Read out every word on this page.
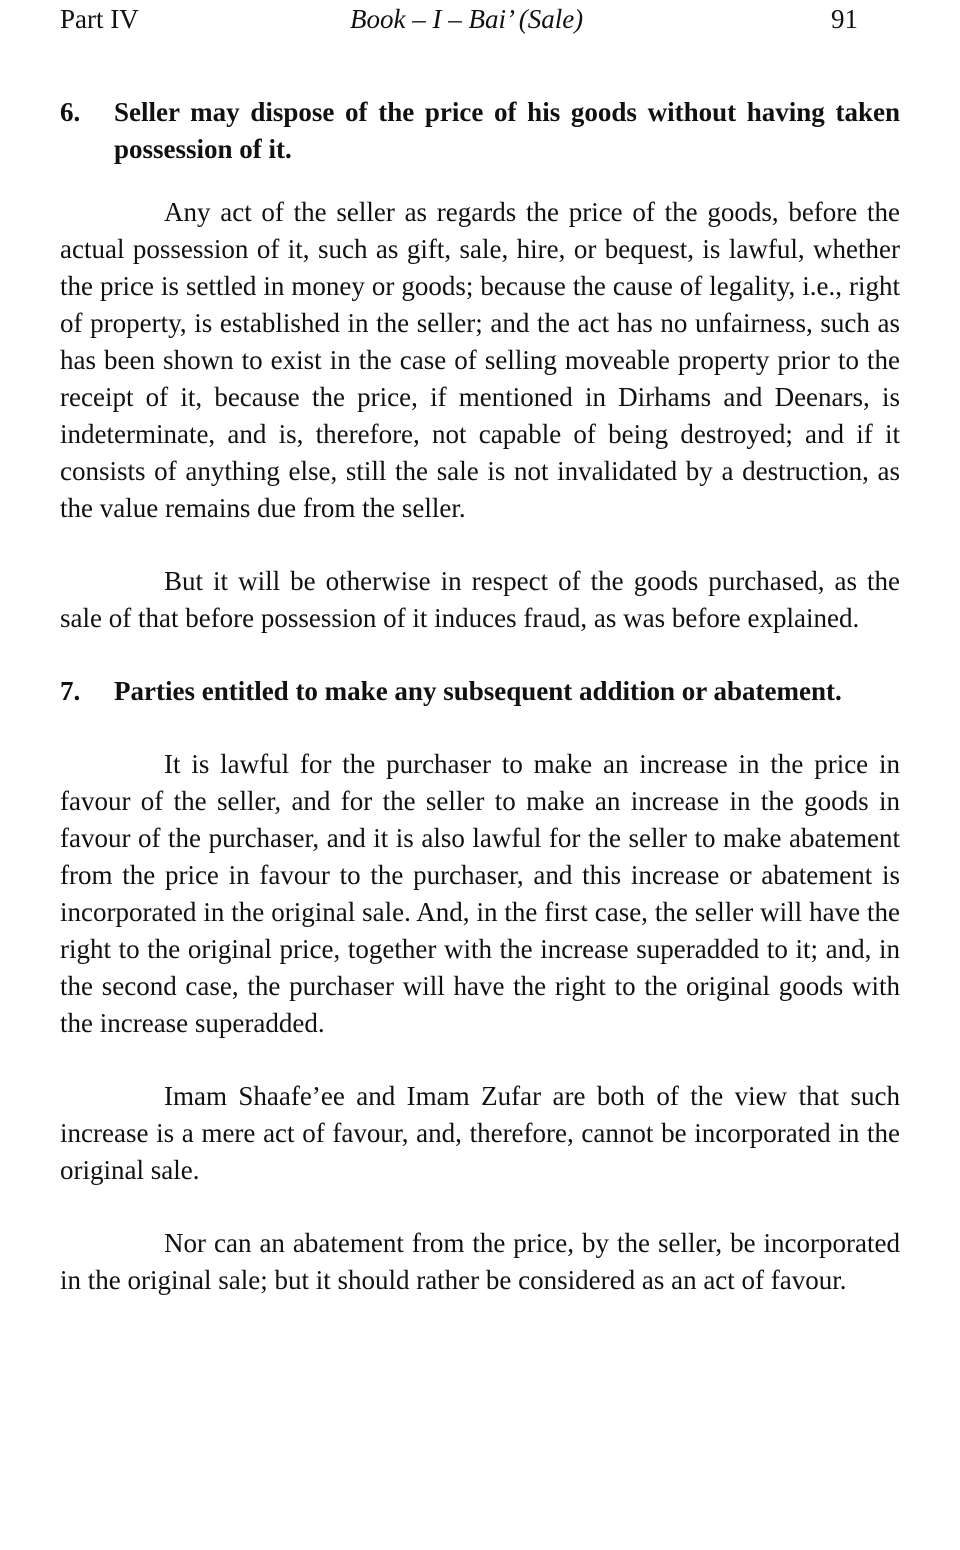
Part IV	Book – I – Bai’ (Sale)	91
6. Seller may dispose of the price of his goods without having taken possession of it.

Any act of the seller as regards the price of the goods, before the actual possession of it, such as gift, sale, hire, or bequest, is lawful, whether the price is settled in money or goods; because the cause of legality, i.e., right of property, is established in the seller; and the act has no unfairness, such as has been shown to exist in the case of selling moveable property prior to the receipt of it, because the price, if mentioned in Dirhams and Deenars, is indeterminate, and is, therefore, not capable of being destroyed; and if it consists of anything else, still the sale is not invalidated by a destruction, as the value remains due from the seller.

But it will be otherwise in respect of the goods purchased, as the sale of that before possession of it induces fraud, as was before explained.

7. Parties entitled to make any subsequent addition or abatement.

It is lawful for the purchaser to make an increase in the price in favour of the seller, and for the seller to make an increase in the goods in favour of the purchaser, and it is also lawful for the seller to make abatement from the price in favour to the purchaser, and this increase or abatement is incorporated in the original sale. And, in the first case, the seller will have the right to the original price, together with the increase superadded to it; and, in the second case, the purchaser will have the right to the original goods with the increase superadded.

Imam Shaafe’ee and Imam Zufar are both of the view that such increase is a mere act of favour, and, therefore, cannot be incorporated in the original sale.

Nor can an abatement from the price, by the seller, be incorporated in the original sale; but it should rather be considered as an act of favour.
